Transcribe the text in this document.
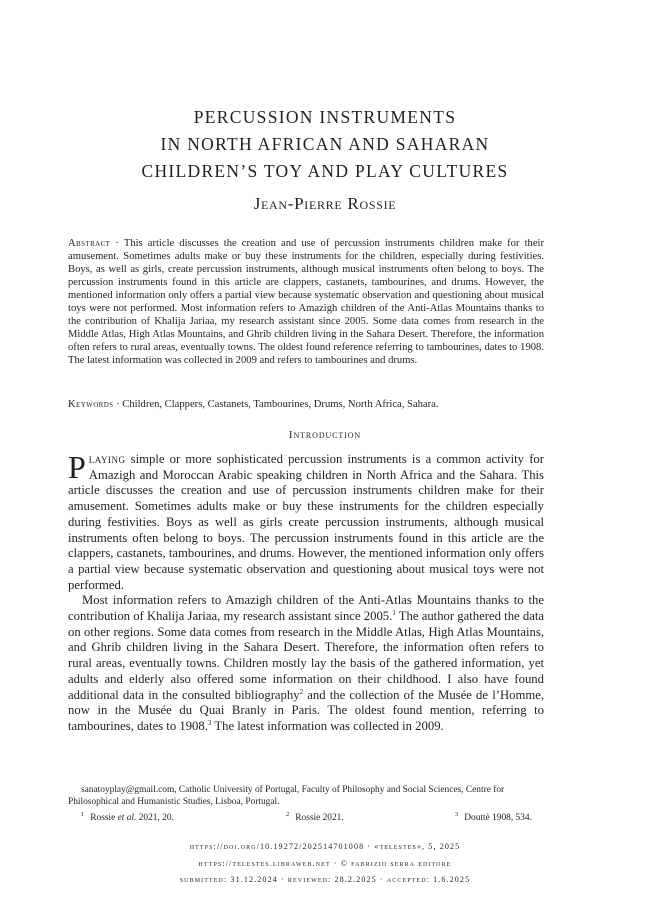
PERCUSSION INSTRUMENTS
IN NORTH AFRICAN AND SAHARAN
CHILDREN’S TOY AND PLAY CULTURES
Jean-Pierre Rossie
Abstract · This article discusses the creation and use of percussion instruments children make for their amusement. Sometimes adults make or buy these instruments for the children, especially during festivities. Boys, as well as girls, create percussion instruments, although musical instruments often belong to boys. The percussion instruments found in this article are clappers, castanets, tambourines, and drums. However, the mentioned information only offers a partial view because systematic observation and questioning about musical toys were not performed. Most information refers to Amazigh children of the Anti-Atlas Mountains thanks to the contribution of Khalija Jariaa, my research assistant since 2005. Some data comes from research in the Middle Atlas, High Atlas Mountains, and Ghrib children living in the Sahara Desert. Therefore, the information often refers to rural areas, eventually towns. The oldest found reference referring to tambourines, dates to 1908. The latest information was collected in 2009 and refers to tambourines and drums.
Keywords · Children, Clappers, Castanets, Tambourines, Drums, North Africa, Sahara.
Introduction

Playing simple or more sophisticated percussion instruments is a common activity for Amazigh and Moroccan Arabic speaking children in North Africa and the Sahara. This article discusses the creation and use of percussion instruments children make for their amusement. Sometimes adults make or buy these instruments for the children especially during festivities. Boys as well as girls create percussion instruments, although musical instruments often belong to boys. The percussion instruments found in this article are the clappers, castanets, tambourines, and drums. However, the mentioned information only offers a partial view because systematic observation and questioning about musical toys were not performed.

Most information refers to Amazigh children of the Anti-Atlas Mountains thanks to the contribution of Khalija Jariaa, my research assistant since 2005.$^1$ The author gathered the data on other regions. Some data comes from research in the Middle Atlas, High Atlas Mountains, and Ghrib children living in the Sahara Desert. Therefore, the information often refers to rural areas, eventually towns. Children mostly lay the basis of the gathered information, yet adults and elderly also offered some information on their childhood. I also have found additional data in the consulted bibliography$^2$ and the collection of the Musée de l’Homme, now in the Musée du Quai Branly in Paris. The oldest found mention, referring to tambourines, dates to 1908.$^3$ The latest information was collected in 2009.

sanatoyplay@gmail.com, Catholic University of Portugal, Faculty of Philosophy and Social Sciences, Centre for Philosophical and Humanistic Studies, Lisboa, Portugal.
$^1$ Rossie et al. 2021, 20.	$^2$ Rossie 2021.	$^3$ Douttè 1908, 534.
https://doi.org/10.19272/202514701008 · «telestes», 5, 2025
https://telestes.libraweb.net · © fabrizio serra editore
submitted: 31.12.2024 · reviewed: 28.2.2025 · accepted: 1.6.2025
